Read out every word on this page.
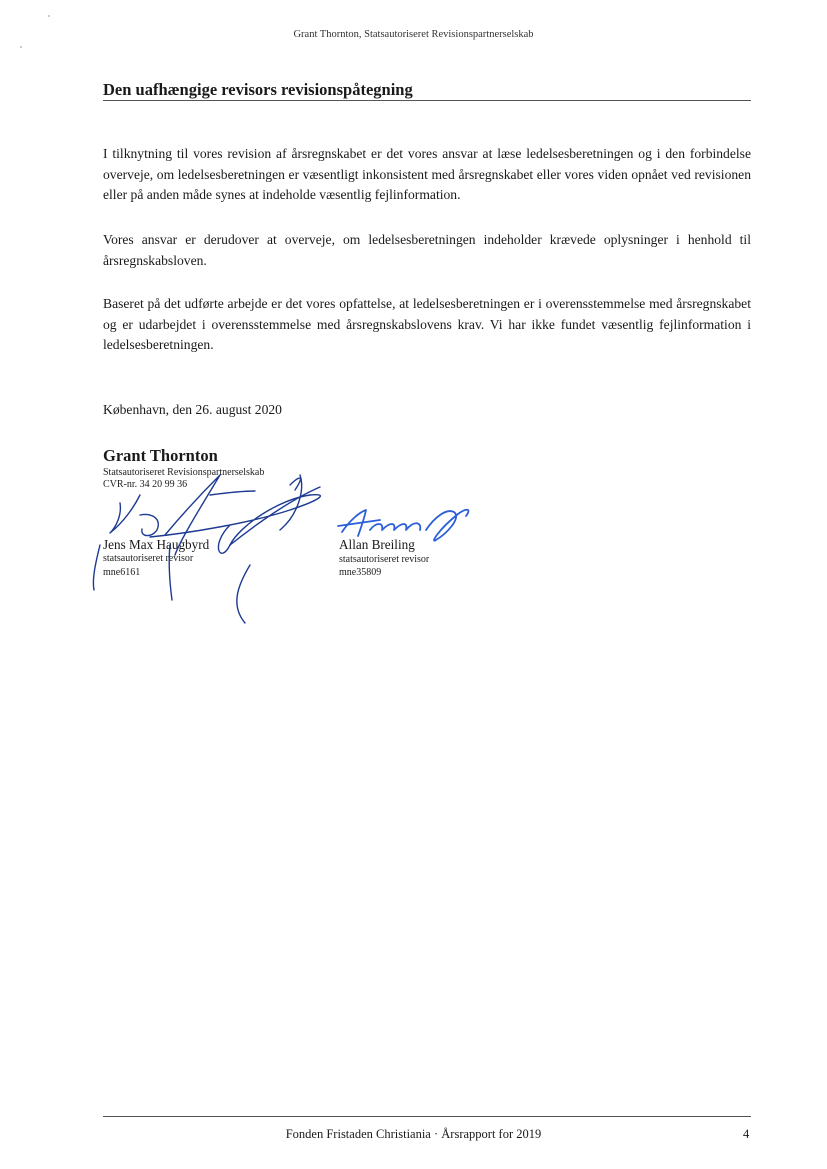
Grant Thornton, Statsautoriseret Revisionspartnerselskab
Den uafhængige revisors revisionspåtegning

I tilknytning til vores revision af årsregnskabet er det vores ansvar at læse ledelsesberetningen og i den forbindelse overveje, om ledelsesberetningen er væsentligt inkonsistent med årsregnskabet eller vores viden opnået ved revisionen eller på anden måde synes at indeholde væsentlig fejlinformation.

Vores ansvar er derudover at overveje, om ledelsesberetningen indeholder krævede oplysninger i henhold til årsregnskabsloven.

Baseret på det udførte arbejde er det vores opfattelse, at ledelsesberetningen er i overensstemmelse med årsregnskabet og er udarbejdet i overensstemmelse med årsregnskabslovens krav. Vi har ikke fundet væsentlig fejlinformation i ledelsesberetningen.

København, den 26. august 2020
Grant Thornton
Statsautoriseret Revisionspartnerselskab
CVR-nr. 34 20 99 36
Jens Max Haugbyrd
statsautoriseret revisor
mne6161
Allan Breiling
statsautoriseret revisor
mne35809
Fonden Fristaden Christiania · Årsrapport for 2019	4
